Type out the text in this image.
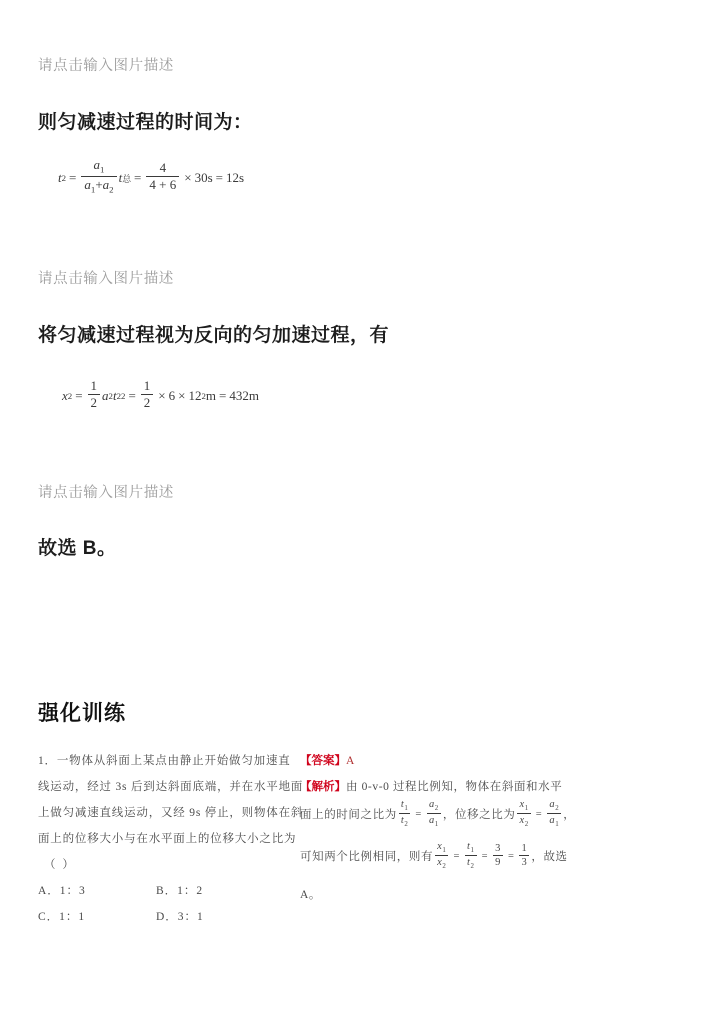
请点击输入图片描述
则匀减速过程的时间为：
t $2 = \frac{a_1}{a_1+a_2}$ t 总 = $\frac{4}{4 + 6} \times 30s = 12s$
请点击输入图片描述
将匀减速过程视为反向的匀加速过程，有
x $2 = \frac{1}{2}$ a 2 t 2 $2 = \frac{1}{2} \times 6 \times 12$ 2 m = 432m
请点击输入图片描述
故选 B。
强化训练
1．一物体从斜面上某点由静止开始做匀加速直
线运动，经过 3s 后到达斜面底端，并在水平地面
上做匀减速直线运动，又经 9s 停止，则物体在斜
面上的位移大小与在水平面上的位移大小之比为
（ ）
A．1：3	B．1：2
C．1：1	D．3：1
【答案】 A
【解析】 由 0-v-0 过程比例知，物体在斜面和水平
面上的时间之比为 $\frac{t_1}{t_2} = \frac{a_2}{a_1}$ ，位移之比为 $\frac{x_1}{x_2} = \frac{a_2}{a_1}$ ，
可知两个比例相同，则有 $\frac{x_1}{x_2} = \frac{t_1}{t_2} = \frac{3}{9} = \frac{1}{3}$ ，故选
A。
